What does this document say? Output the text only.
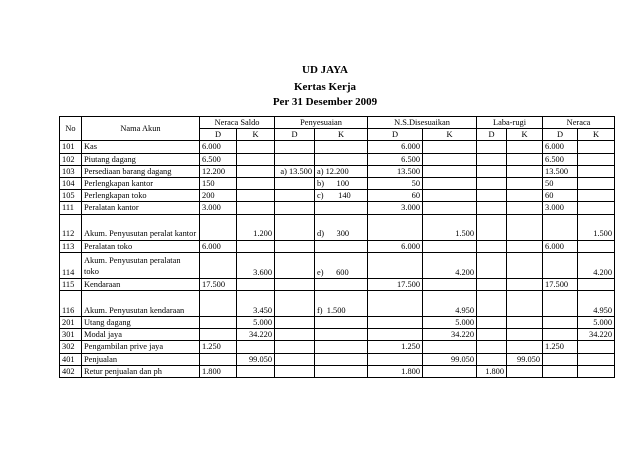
UD JAYA
Kertas Kerja
Per 31 Desember 2009
No	Nama Akun	Neraca Saldo		Penyesuaian		N.S.Disesuaikan		Laba-rugi		Neraca	
		D	K	D	K	D	K	D	K	D	K
101	Kas	6.000				6.000				6.000	
102	Piutang dagang	6.500				6.500				6.500	
103	Persediaan barang dagang	12.200		a) 13.500	a) 12.200	13.500				13.500	
104	Perlengkapan kantor	150			b)      100	50				50	
105	Perlengkapan toko	200			c)       140	60				60	
111	Peralatan kantor	3.000				3.000				3.000	
112	Akum. Penyusutan peralat kantor		1.200		d)      300		1.500				1.500
113	Peralatan toko	6.000				6.000				6.000	
114	Akum. Penyusutan peralatan toko		3.600		e)      600		4.200				4.200
115	Kendaraan	17.500				17.500				17.500	
116	Akum. Penyusutan kendaraan		3.450		f)  1.500		4.950				4.950
201	Utang dagang		5.000				5.000				5.000
301	Modal jaya		34.220				34.220				34.220
302	Pengambilan prive jaya	1.250				1.250				1.250	
401	Penjualan		99.050				99.050		99.050		
402	Retur penjualan dan ph	1.800				1.800		1.800			
